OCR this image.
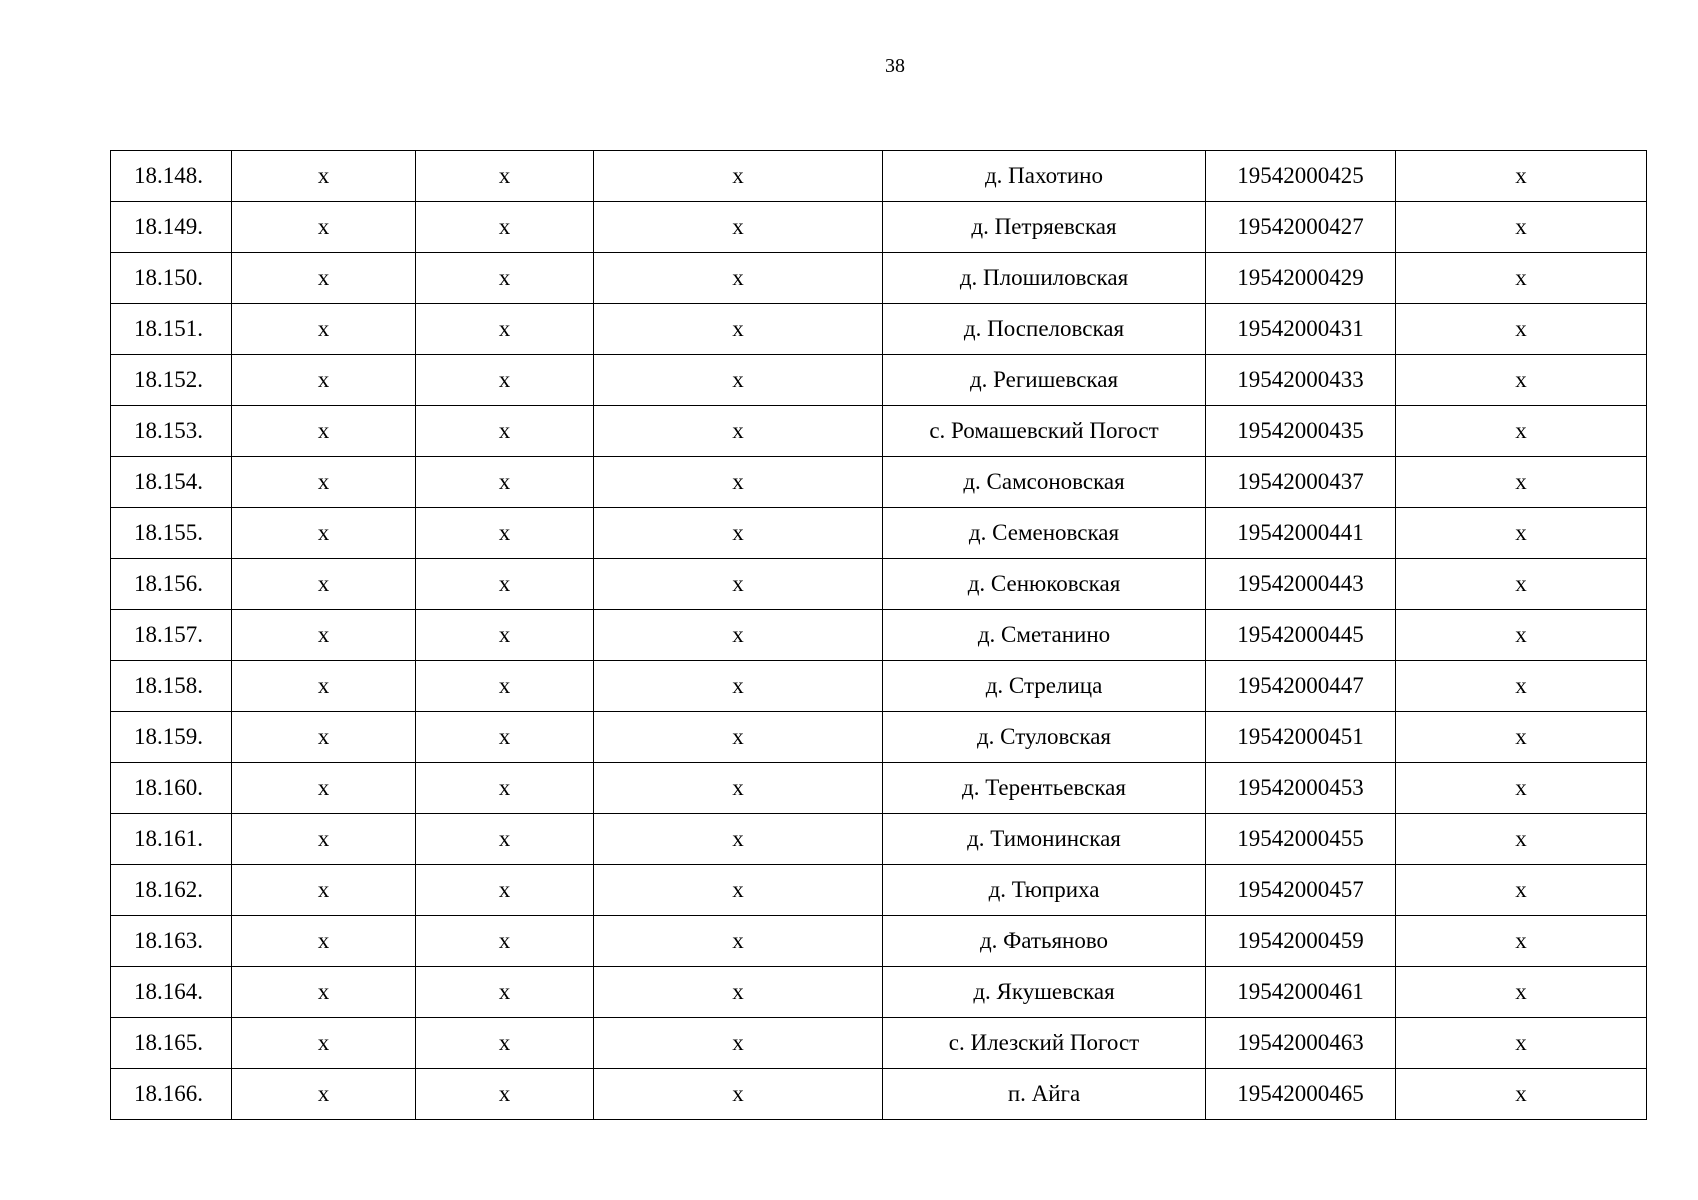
38
18.148.	х	х	х	д. Пахотино	19542000425	х
18.149.	х	х	х	д. Петряевская	19542000427	х
18.150.	х	х	х	д. Плошиловская	19542000429	х
18.151.	х	х	х	д. Поспеловская	19542000431	х
18.152.	х	х	х	д. Регишевская	19542000433	х
18.153.	х	х	х	с. Ромашевский Погост	19542000435	х
18.154.	х	х	х	д. Самсоновская	19542000437	х
18.155.	х	х	х	д. Семеновская	19542000441	х
18.156.	х	х	х	д. Сенюковская	19542000443	х
18.157.	х	х	х	д. Сметанино	19542000445	х
18.158.	х	х	х	д. Стрелица	19542000447	х
18.159.	х	х	х	д. Стуловская	19542000451	х
18.160.	х	х	х	д. Терентьевская	19542000453	х
18.161.	х	х	х	д. Тимонинская	19542000455	х
18.162.	х	х	х	д. Тюприха	19542000457	х
18.163.	х	х	х	д. Фатьяново	19542000459	х
18.164.	х	х	х	д. Якушевская	19542000461	х
18.165.	х	х	х	с. Илезский Погост	19542000463	х
18.166.	х	х	х	п. Айга	19542000465	х
